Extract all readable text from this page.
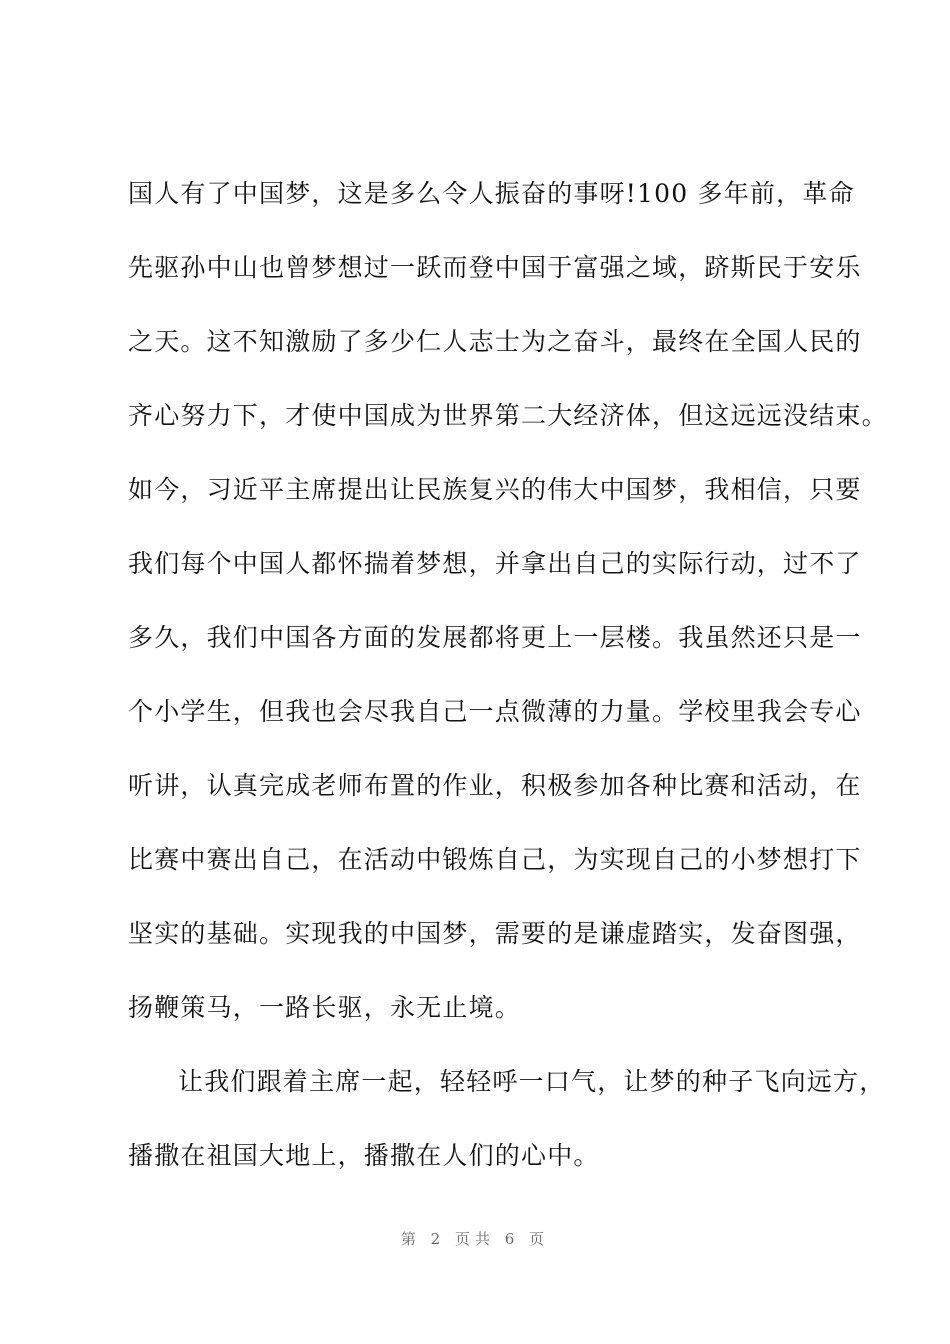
国人有了中国梦，这是多么令人振奋的事呀!100 多年前，革命
先驱孙中山也曾梦想过一跃而登中国于富强之域，跻斯民于安乐
之天。这不知激励了多少仁人志士为之奋斗，最终在全国人民的
齐心努力下，才使中国成为世界第二大经济体，但这远远没结束。
如今，习近平主席提出让民族复兴的伟大中国梦，我相信，只要
我们每个中国人都怀揣着梦想，并拿出自己的实际行动，过不了
多久，我们中国各方面的发展都将更上一层楼。我虽然还只是一
个小学生，但我也会尽我自己一点微薄的力量。学校里我会专心
听讲，认真完成老师布置的作业，积极参加各种比赛和活动，在
比赛中赛出自己，在活动中锻炼自己，为实现自己的小梦想打下
坚实的基础。实现我的中国梦，需要的是谦虚踏实，发奋图强，
扬鞭策马，一路长驱，永无止境。
让我们跟着主席一起，轻轻呼一口气，让梦的种子飞向远方，
播撒在祖国大地上，播撒在人们的心中。
第 2 页共 6 页
